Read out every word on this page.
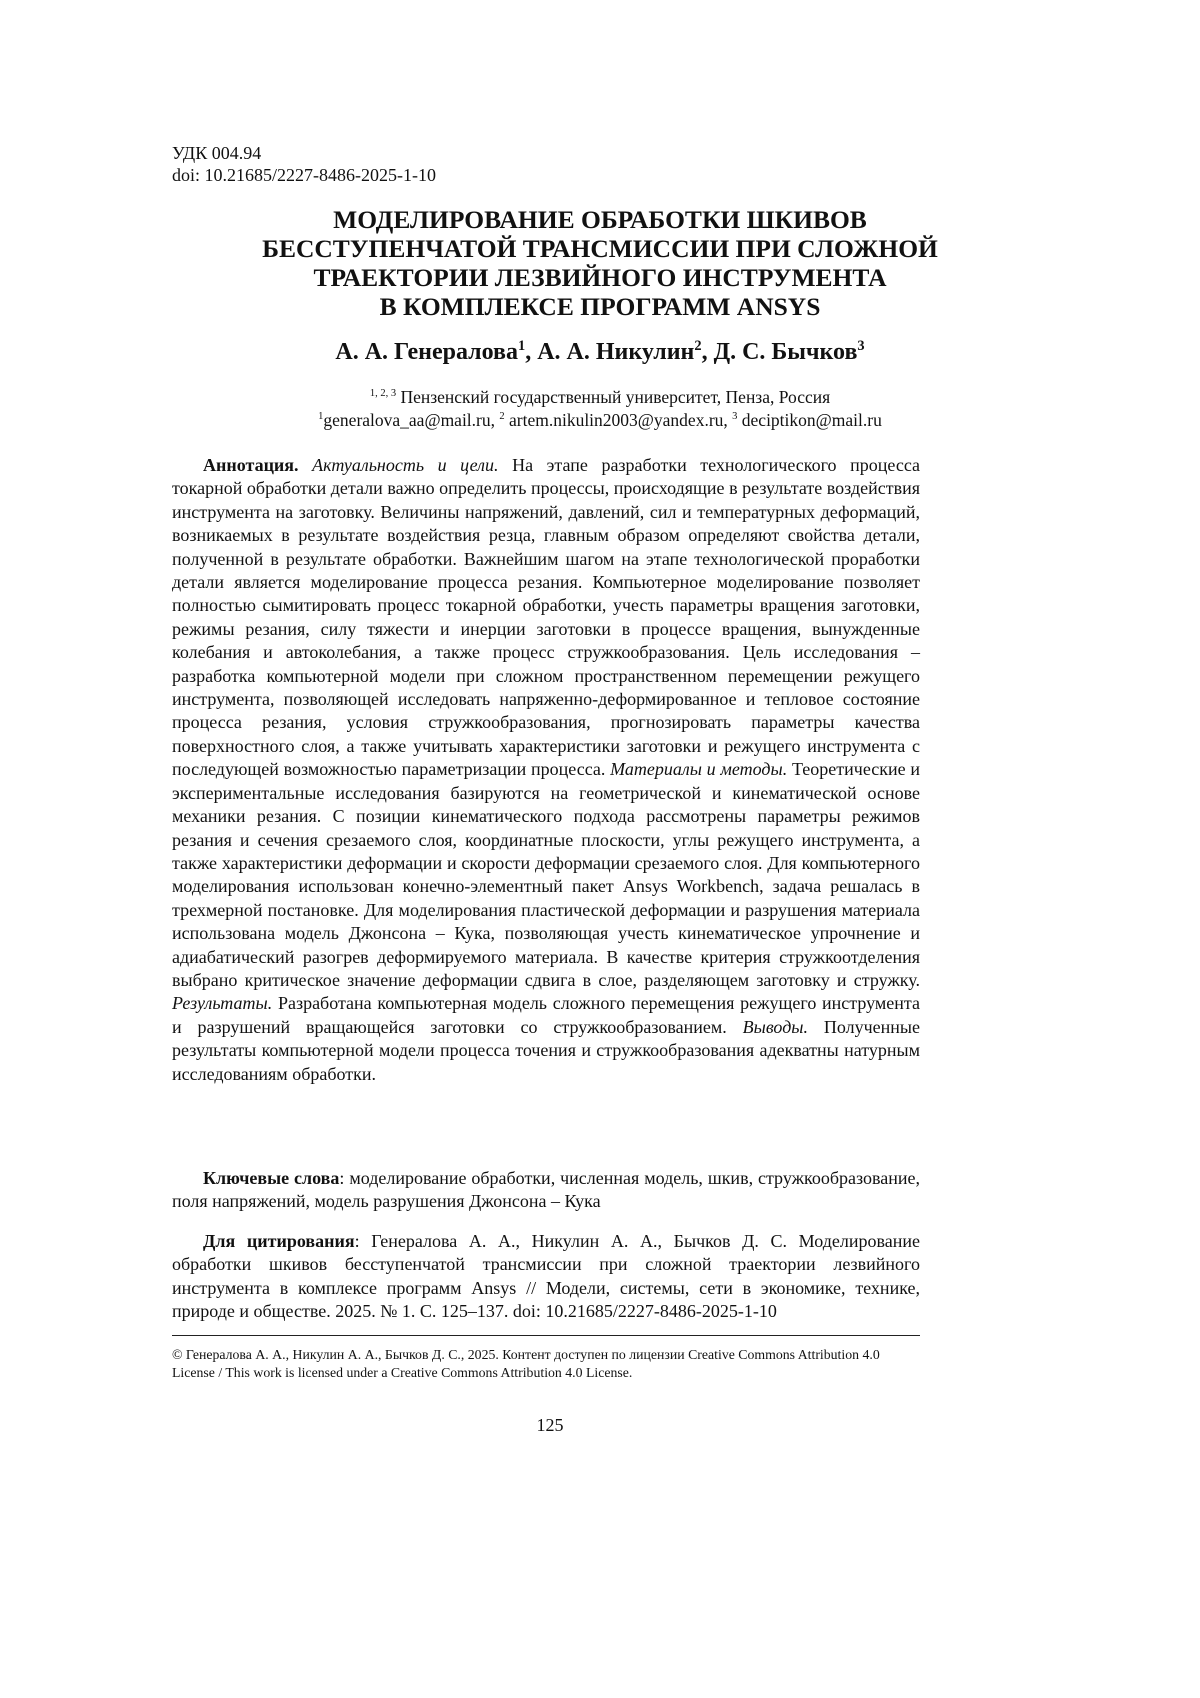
УДК 004.94
doi: 10.21685/2227-8486-2025-1-10
МОДЕЛИРОВАНИЕ ОБРАБОТКИ ШКИВОВ
БЕССТУПЕНЧАТОЙ ТРАНСМИССИИ ПРИ СЛОЖНОЙ
ТРАЕКТОРИИ ЛЕЗВИЙНОГО ИНСТРУМЕНТА
В КОМПЛЕКСЕ ПРОГРАММ ANSYS
А. А. Генералова$^1$, А. А. Никулин$^2$, Д. С. Бычков$^3$
$^{1, 2, 3}$ Пензенский государственный университет, Пенза, Россия
$^1$generalova_aa@mail.ru, $^2$ artem.nikulin2003@yandex.ru, $^3$ deciptikon@mail.ru
Аннотация. Актуальность и цели. На этапе разработки технологического процесса токарной обработки детали важно определить процессы, происходящие в результате воздействия инструмента на заготовку. Величины напряжений, давлений, сил и температурных деформаций, возникаемых в результате воздействия резца, главным образом определяют свойства детали, полученной в результате обработки. Важнейшим шагом на этапе технологической проработки детали является моделирование процесса резания. Компьютерное моделирование позволяет полностью сымитировать процесс токарной обработки, учесть параметры вращения заготовки, режимы резания, силу тяжести и инерции заготовки в процессе вращения, вынужденные колебания и автоколебания, а также процесс стружкообразования. Цель исследования – разработка компьютерной модели при сложном пространственном перемещении режущего инструмента, позволяющей исследовать напряженно-деформированное и тепловое состояние процесса резания, условия стружкообразования, прогнозировать параметры качества поверхностного слоя, а также учитывать характеристики заготовки и режущего инструмента с последующей возможностью параметризации процесса. Материалы и методы. Теоретические и экспериментальные исследования базируются на геометрической и кинематической основе механики резания. С позиции кинематического подхода рассмотрены параметры режимов резания и сечения срезаемого слоя, координатные плоскости, углы режущего инструмента, а также характеристики деформации и скорости деформации срезаемого слоя. Для компьютерного моделирования использован конечно-элементный пакет Ansys Workbench, задача решалась в трехмерной постановке. Для моделирования пластической деформации и разрушения материала использована модель Джонсона – Кука, позволяющая учесть кинематическое упрочнение и адиабатический разогрев деформируемого материала. В качестве критерия стружкоотделения выбрано критическое значение деформации сдвига в слое, разделяющем заготовку и стружку. Результаты. Разработана компьютерная модель сложного перемещения режущего инструмента и разрушений вращающейся заготовки со стружкообразованием. Выводы. Полученные результаты компьютерной модели процесса точения и стружкообразования адекватны натурным исследованиям обработки.
Ключевые слова: моделирование обработки, численная модель, шкив, стружкообразование, поля напряжений, модель разрушения Джонсона – Кука
Для цитирования: Генералова А. А., Никулин А. А., Бычков Д. С. Моделирование обработки шкивов бесступенчатой трансмиссии при сложной траектории лезвийного инструмента в комплексе программ Ansys // Модели, системы, сети в экономике, технике, природе и обществе. 2025. № 1. С. 125–137. doi: 10.21685/2227-8486-2025-1-10
© Генералова А. А., Никулин А. А., Бычков Д. С., 2025. Контент доступен по лицензии Creative Commons Attribution 4.0 License / This work is licensed under a Creative Commons Attribution 4.0 License.
125
